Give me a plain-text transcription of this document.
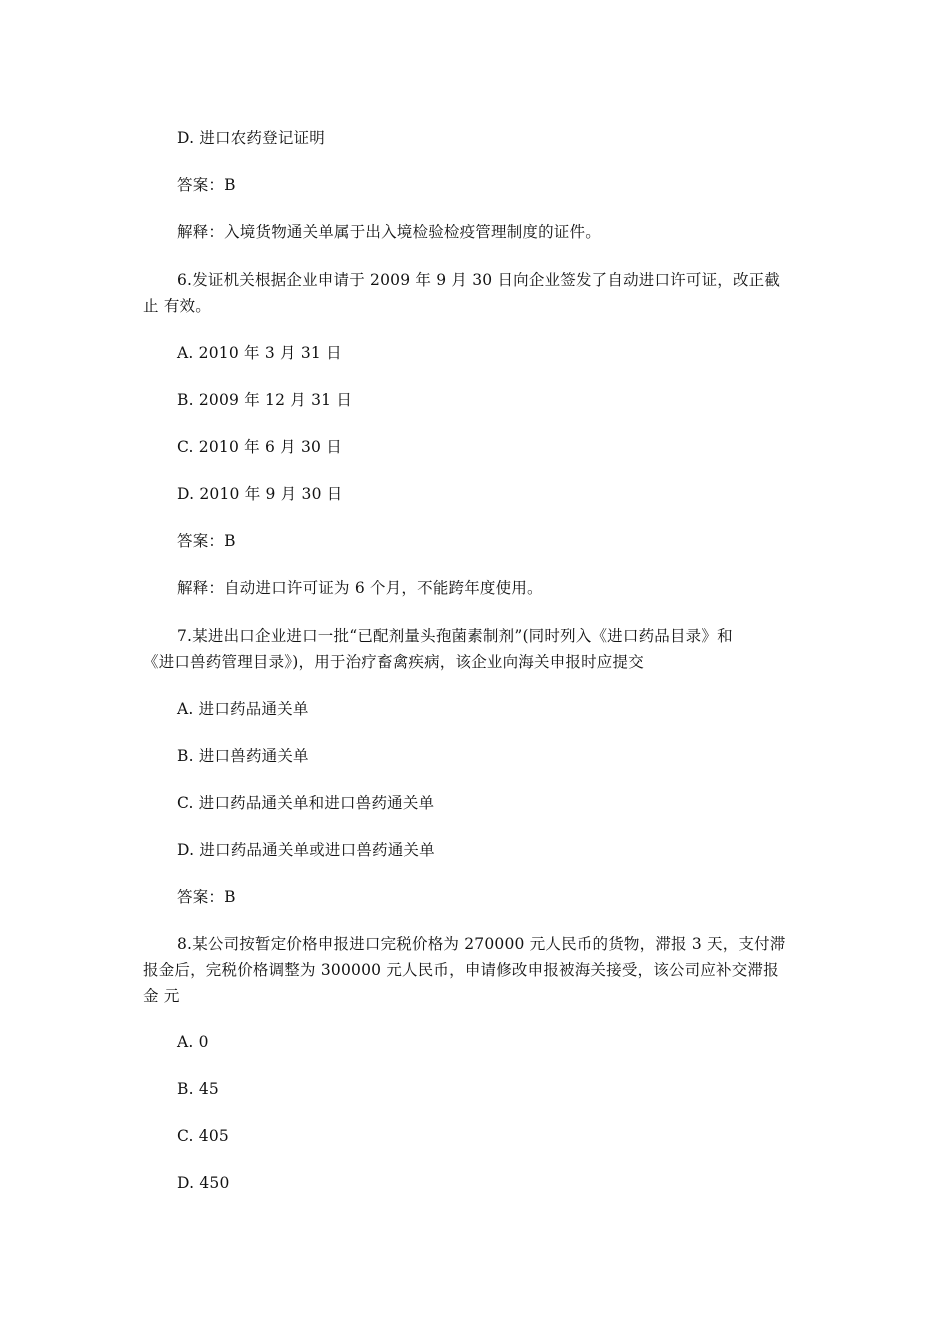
D. 进口农药登记证明
答案：B
解释：入境货物通关单属于出入境检验检疫管理制度的证件。
6.发证机关根据企业申请于 2009 年 9 月 30 日向企业签发了自动进口许可证，改正截
止 有效。
A. 2010 年 3 月 31 日
B. 2009 年 12 月 31 日
C. 2010 年 6 月 30 日
D. 2010 年 9 月 30 日
答案：B
解释：自动进口许可证为 6 个月，不能跨年度使用。
7.某进出口企业进口一批“已配剂量头孢菌素制剂”(同时列入《进口药品目录》和
《进口兽药管理目录》)，用于治疗畜禽疾病，该企业向海关申报时应提交
A. 进口药品通关单
B. 进口兽药通关单
C. 进口药品通关单和进口兽药通关单
D. 进口药品通关单或进口兽药通关单
答案：B
8.某公司按暂定价格申报进口完税价格为 270000 元人民币的货物，滞报 3 天，支付滞
报金后，完税价格调整为 300000 元人民币，申请修改申报被海关接受，该公司应补交滞报
金 元
A. 0
B. 45
C. 405
D. 450
